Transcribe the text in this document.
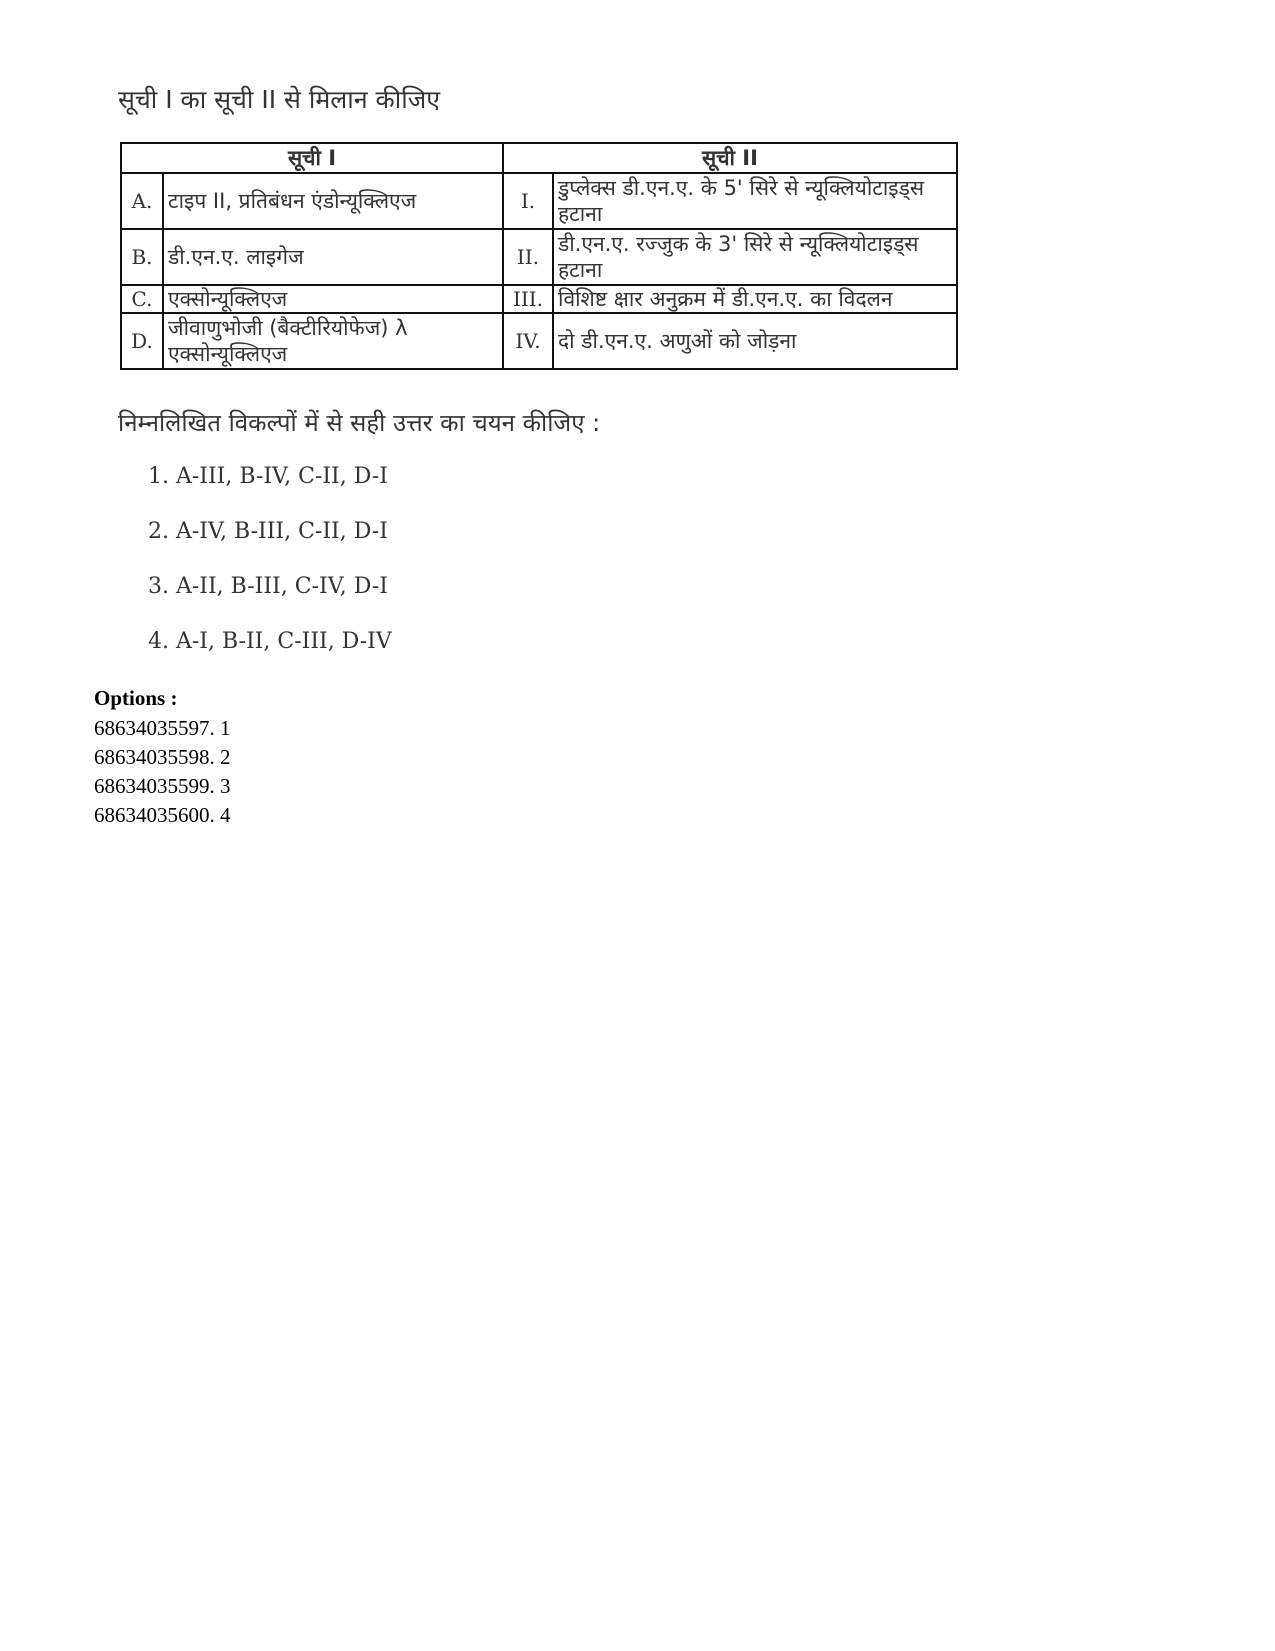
सूची I का सूची II से मिलान कीजिए
सूची I		सूची II	
A.	टाइप II, प्रतिबंधन एंडोन्यूक्लिएज	I.	डुप्लेक्स डी.एन.ए. के 5' सिरे से न्यूक्लियोटाइड्स हटाना
B.	डी.एन.ए. लाइगेज	II.	डी.एन.ए. रज्जुक के 3' सिरे से न्यूक्लियोटाइड्स हटाना
C.	एक्सोन्यूक्लिएज	III.	विशिष्ट क्षार अनुक्रम में डी.एन.ए. का विदलन
D.	जीवाणुभोजी (बैक्टीरियोफेज) λ एक्सोन्यूक्लिएज	IV.	दो डी.एन.ए. अणुओं को जोड़ना
निम्नलिखित विकल्पों में से सही उत्तर का चयन कीजिए :
1. A-III, B-IV, C-II, D-I
2. A-IV, B-III, C-II, D-I
3. A-II, B-III, C-IV, D-I
4. A-I, B-II, C-III, D-IV
Options :
68634035597. 1
68634035598. 2
68634035599. 3
68634035600. 4
